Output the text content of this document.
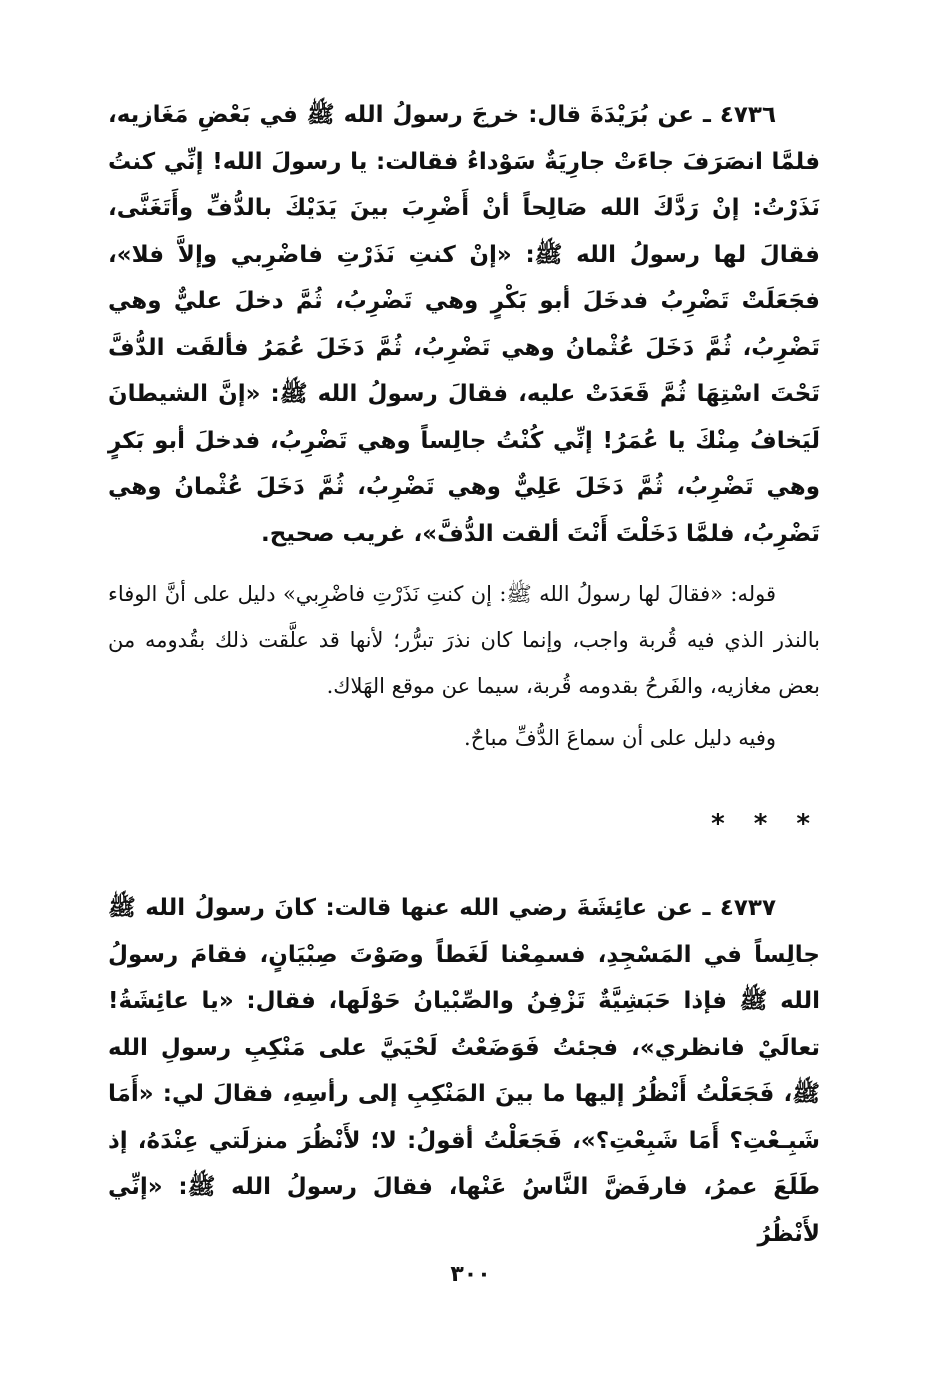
٤٧٣٦ ـ عن بُرَيْدَةَ قال: خرجَ رسولُ الله ﷺ في بَعْضِ مَغَازيه، فلمَّا انصَرَفَ جاءَتْ جارِيَةٌ سَوْداءُ فقالت: يا رسولَ الله! إنِّي كنتُ نَذَرْتُ: إنْ رَدَّكَ الله صَالِحاً أنْ أَضْرِبَ بينَ يَدَيْكَ بالدُّفِّ وأَتَغَنَّى، فقالَ لها رسولُ الله ﷺ: «إنْ كنتِ نَذَرْتِ فاضْرِبي وإلاَّ فلا»، فجَعَلَتْ تَضْرِبُ فدخَلَ أبو بَكْرٍ وهي تَضْرِبُ، ثُمَّ دخلَ عليٌّ وهي تَضْرِبُ، ثُمَّ دَخَلَ عُثْمانُ وهي تَضْرِبُ، ثُمَّ دَخَلَ عُمَرُ فألقَت الدُّفَّ تَحْتَ اسْتِهَا ثُمَّ قَعَدَتْ عليه، فقالَ رسولُ الله ﷺ: «إنَّ الشيطانَ لَيَخافُ مِنْكَ يا عُمَرُ! إنِّي كُنْتُ جالِساً وهي تَضْرِبُ، فدخلَ أبو بَكرٍ وهي تَضْرِبُ، ثُمَّ دَخَلَ عَلِيٌّ وهي تَضْرِبُ، ثُمَّ دَخَلَ عُثْمانُ وهي تَضْرِبُ، فلمَّا دَخَلْتَ أَنْتَ ألقت الدُّفَّ»، غريب صحيح.

قوله: «فقالَ لها رسولُ الله ﷺ: إن كنتِ نَذَرْتِ فاضْرِبي» دليل على أنَّ الوفاء بالنذر الذي فيه قُربة واجب، وإنما كان نذرَ تبرُّر؛ لأنها قد علَّقت ذلك بقُدومه من بعض مغازيه، والفَرحُ بقدومه قُربة، سيما عن موقع الهَلاك.

وفيه دليل على أن سماعَ الدُّفِّ مباحٌ.

* * *

٤٧٣٧ ـ عن عائِشَةَ رضي الله عنها قالت: كانَ رسولُ الله ﷺ جالِساً في المَسْجِدِ، فسمِعْنا لَغَطاً وصَوْتَ صِبْيَانٍ، فقامَ رسولُ الله ﷺ فإذا حَبَشِيَّةٌ تَزْفِنُ والصِّبْيانُ حَوْلَها، فقال: «يا عائِشَةُ! تعالَيْ فانظري»، فجئتُ فَوَضَعْتُ لَحْيَيَّ على مَنْكِبِ رسولِ الله ﷺ، فَجَعَلْتُ أَنْظُرُ إليها ما بينَ المَنْكِبِ إلى رأسِهِ، فقالَ لي: «أَمَا شَبِـعْتِ؟ أَمَا شَبِعْتِ؟»، فَجَعَلْتُ أقولُ: لا؛ لأَنْظُرَ منزلَتي عِنْدَهُ، إذ طَلَعَ عمرُ، فارفَضَّ النَّاسُ عَنْها، فقالَ رسولُ الله ﷺ: «إنِّي لأَنْظُرُ

٣٠٠
